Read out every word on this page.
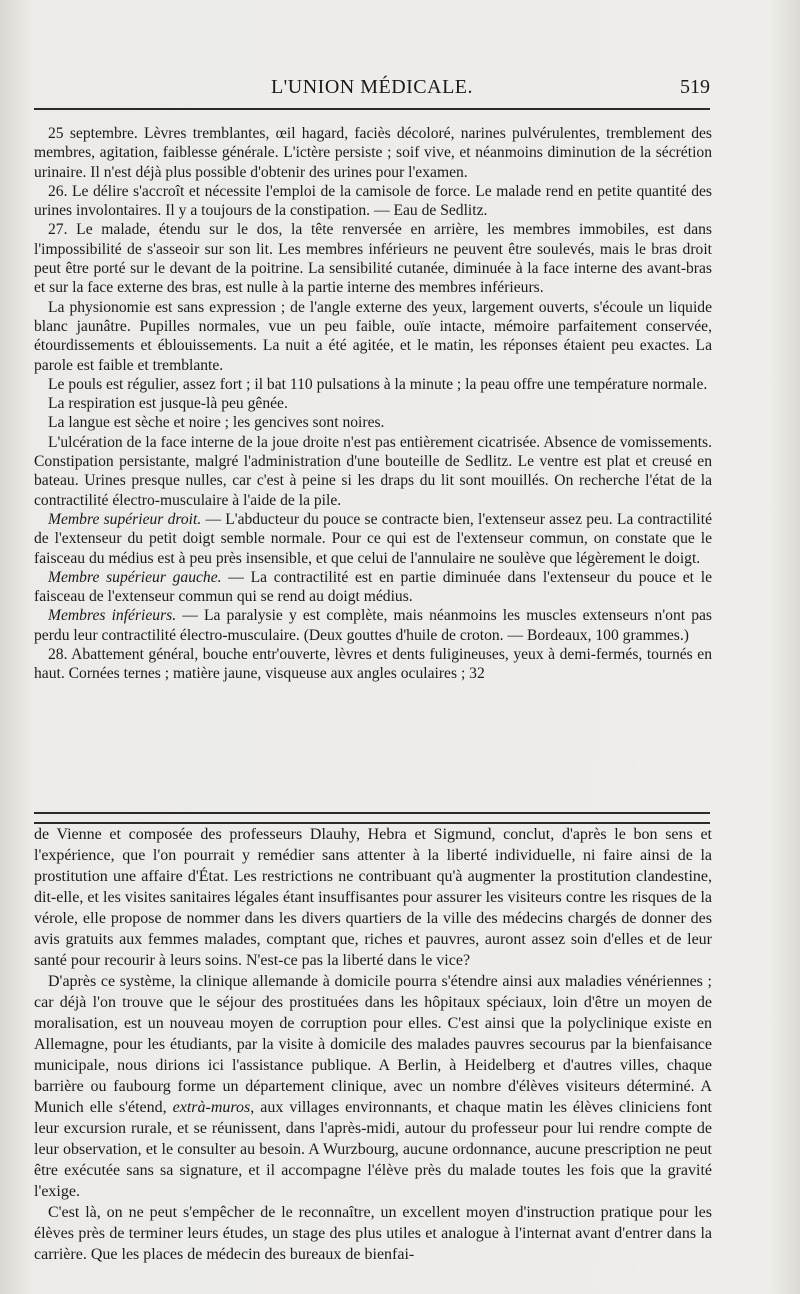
L'UNION MÉDICALE.	519

25 septembre. Lèvres tremblantes, œil hagard, faciès décoloré, narines pulvérulentes, tremblement des membres, agitation, faiblesse générale. L'ictère persiste ; soif vive, et néanmoins diminution de la sécrétion urinaire. Il n'est déjà plus possible d'obtenir des urines pour l'examen.

26. Le délire s'accroît et nécessite l'emploi de la camisole de force. Le malade rend en petite quantité des urines involontaires. Il y a toujours de la constipation. — Eau de Sedlitz.

27. Le malade, étendu sur le dos, la tête renversée en arrière, les membres immobiles, est dans l'impossibilité de s'asseoir sur son lit. Les membres inférieurs ne peuvent être soulevés, mais le bras droit peut être porté sur le devant de la poitrine. La sensibilité cutanée, diminuée à la face interne des avant-bras et sur la face externe des bras, est nulle à la partie interne des membres inférieurs.

La physionomie est sans expression ; de l'angle externe des yeux, largement ouverts, s'écoule un liquide blanc jaunâtre. Pupilles normales, vue un peu faible, ouïe intacte, mémoire parfaitement conservée, étourdissements et éblouissements. La nuit a été agitée, et le matin, les réponses étaient peu exactes. La parole est faible et tremblante.

Le pouls est régulier, assez fort ; il bat 110 pulsations à la minute ; la peau offre une température normale.

La respiration est jusque-là peu gênée.

La langue est sèche et noire ; les gencives sont noires.

L'ulcération de la face interne de la joue droite n'est pas entièrement cicatrisée. Absence de vomissements. Constipation persistante, malgré l'administration d'une bouteille de Sedlitz. Le ventre est plat et creusé en bateau. Urines presque nulles, car c'est à peine si les draps du lit sont mouillés. On recherche l'état de la contractilité électro-musculaire à l'aide de la pile.

Membre supérieur droit. — L'abducteur du pouce se contracte bien, l'extenseur assez peu. La contractilité de l'extenseur du petit doigt semble normale. Pour ce qui est de l'extenseur commun, on constate que le faisceau du médius est à peu près insensible, et que celui de l'annulaire ne soulève que légèrement le doigt.

Membre supérieur gauche. — La contractilité est en partie diminuée dans l'extenseur du pouce et le faisceau de l'extenseur commun qui se rend au doigt médius.

Membres inférieurs. — La paralysie y est complète, mais néanmoins les muscles extenseurs n'ont pas perdu leur contractilité électro-musculaire. (Deux gouttes d'huile de croton. — Bordeaux, 100 grammes.)

28. Abattement général, bouche entr'ouverte, lèvres et dents fuligineuses, yeux à demi-fermés, tournés en haut. Cornées ternes ; matière jaune, visqueuse aux angles oculaires ; 32

de Vienne et composée des professeurs Dlauhy, Hebra et Sigmund, conclut, d'après le bon sens et l'expérience, que l'on pourrait y remédier sans attenter à la liberté individuelle, ni faire ainsi de la prostitution une affaire d'État. Les restrictions ne contribuant qu'à augmenter la prostitution clandestine, dit-elle, et les visites sanitaires légales étant insuffisantes pour assurer les visiteurs contre les risques de la vérole, elle propose de nommer dans les divers quartiers de la ville des médecins chargés de donner des avis gratuits aux femmes malades, comptant que, riches et pauvres, auront assez soin d'elles et de leur santé pour recourir à leurs soins. N'est-ce pas la liberté dans le vice?

D'après ce système, la clinique allemande à domicile pourra s'étendre ainsi aux maladies vénériennes ; car déjà l'on trouve que le séjour des prostituées dans les hôpitaux spéciaux, loin d'être un moyen de moralisation, est un nouveau moyen de corruption pour elles. C'est ainsi que la polyclinique existe en Allemagne, pour les étudiants, par la visite à domicile des malades pauvres secourus par la bienfaisance municipale, nous dirions ici l'assistance publique. A Berlin, à Heidelberg et d'autres villes, chaque barrière ou faubourg forme un département clinique, avec un nombre d'élèves visiteurs déterminé. A Munich elle s'étend, extrà-muros, aux villages environnants, et chaque matin les élèves cliniciens font leur excursion rurale, et se réunissent, dans l'après-midi, autour du professeur pour lui rendre compte de leur observation, et le consulter au besoin. A Wurzbourg, aucune ordonnance, aucune prescription ne peut être exécutée sans sa signature, et il accompagne l'élève près du malade toutes les fois que la gravité l'exige.

C'est là, on ne peut s'empêcher de le reconnaître, un excellent moyen d'instruction pratique pour les élèves près de terminer leurs études, un stage des plus utiles et analogue à l'internat avant d'entrer dans la carrière. Que les places de médecin des bureaux de bienfai-
